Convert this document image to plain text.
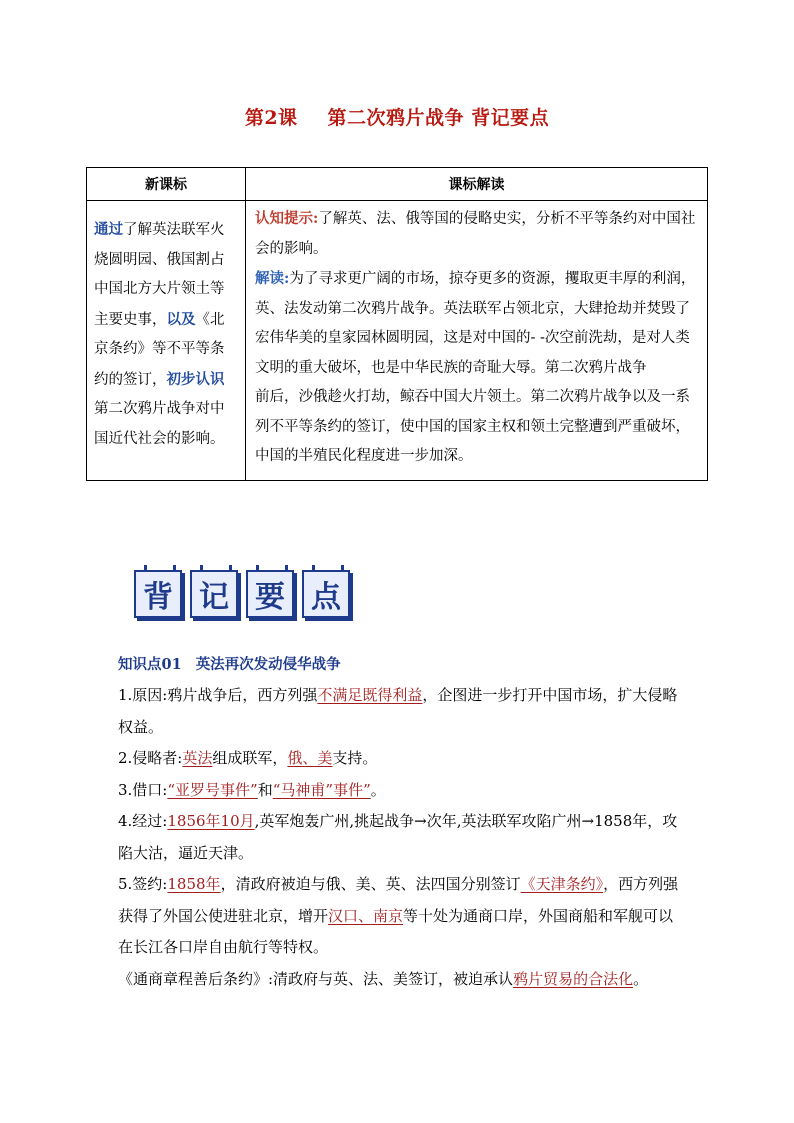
第2课 第二次鸦片战争 背记要点
新课标	课标解读
通过了解英法联军火烧圆明园、俄国割占中国北方大片领土等主要史事，以及《北京条约》等不平等条约的签订，初步认识第二次鸦片战争对中国近代社会的影响。	认知提示:了解英、法、俄等国的侵略史实，分析不平等条约对中国社会的影响。
解读:为了寻求更广阔的市场，掠夺更多的资源，攫取更丰厚的利润，英、法发动第二次鸦片战争。英法联军占领北京，大肆抢劫并焚毁了宏伟华美的皇家园林圆明园，这是对中国的- -次空前洗劫，是对人类文明的重大破坏，也是中华民族的奇耻大辱。第二次鸦片战争
前后，沙俄趁火打劫，鲸吞中国大片领土。第二次鸦片战争以及一系列不平等条约的签订，使中国的国家主权和领土完整遭到严重破坏，中国的半殖民化程度进一步加深。
背 记 要 点
知识点01 英法再次发动侵华战争

1.原因:鸦片战争后，西方列强不满足既得利益，企图进一步打开中国市场，扩大侵略权益。

2.侵略者:英法组成联军，俄、美支持。

3.借口:“亚罗号事件”和“马神甫”事件”。

4.经过:1856年10月,英军炮轰广州,挑起战争→次年,英法联军攻陷广州→1858年，攻陷大沽，逼近天津。

5.签约:1858年，清政府被迫与俄、美、英、法四国分别签订《天津条约》，西方列强获得了外国公使进驻北京，增开汉口、南京等十处为通商口岸，外国商船和军舰可以在长江各口岸自由航行等特权。

《通商章程善后条约》:清政府与英、法、美签订，被迫承认鸦片贸易的合法化。
